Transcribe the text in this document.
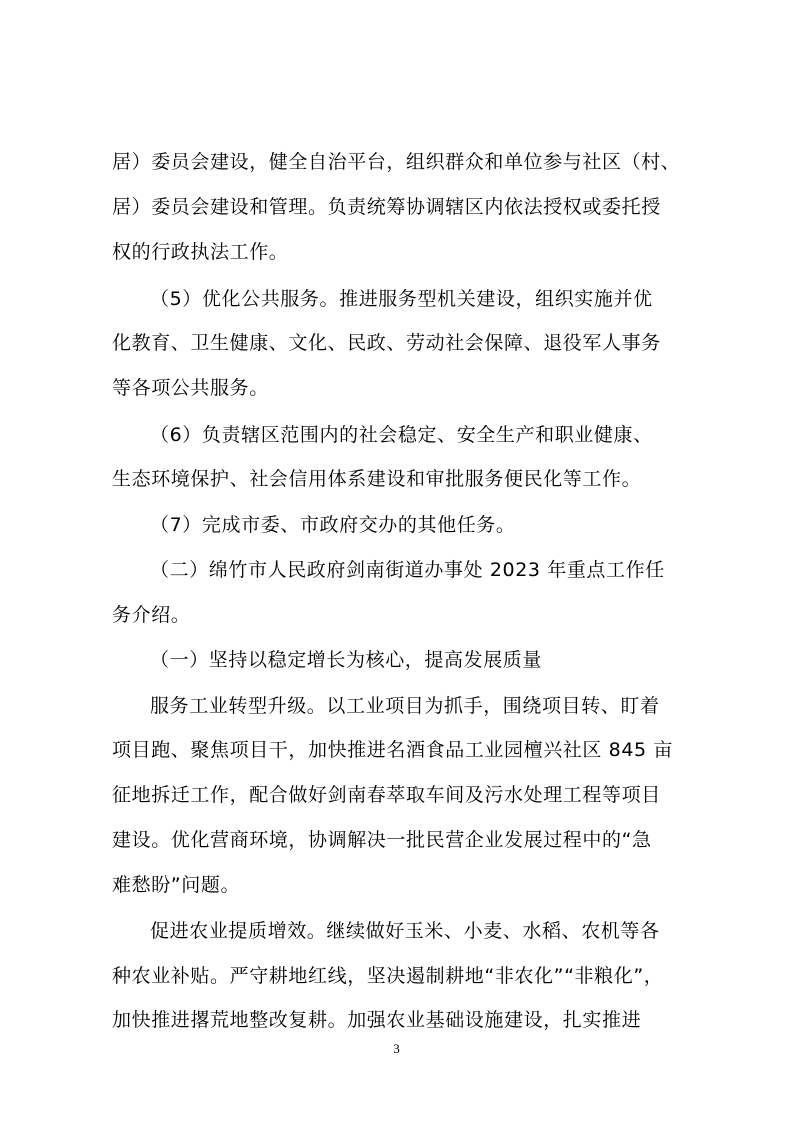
居）委员会建设，健全自治平台，组织群众和单位参与社区（村、
居）委员会建设和管理。负责统筹协调辖区内依法授权或委托授
权的行政执法工作。
（5）优化公共服务。推进服务型机关建设，组织实施并优
化教育、卫生健康、文化、民政、劳动社会保障、退役军人事务
等各项公共服务。
（6）负责辖区范围内的社会稳定、安全生产和职业健康、
生态环境保护、社会信用体系建设和审批服务便民化等工作。
（7）完成市委、市政府交办的其他任务。
（二）绵竹市人民政府剑南街道办事处 2023 年重点工作任
务介绍。
（一）坚持以稳定增长为核心，提高发展质量
服务工业转型升级。以工业项目为抓手，围绕项目转、盯着
项目跑、聚焦项目干，加快推进名酒食品工业园檀兴社区 845 亩
征地拆迁工作，配合做好剑南春萃取车间及污水处理工程等项目
建设。优化营商环境，协调解决一批民营企业发展过程中的“急
难愁盼”问题。
促进农业提质增效。继续做好玉米、小麦、水稻、农机等各
种农业补贴。严守耕地红线，坚决遏制耕地“非农化”“非粮化”，
加快推进撂荒地整改复耕。加强农业基础设施建设，扎实推进
3
